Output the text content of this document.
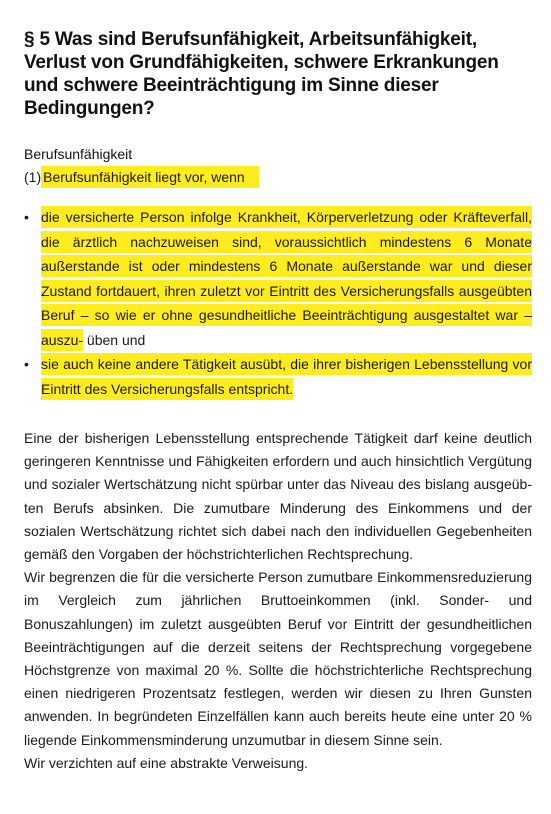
§ 5 Was sind Berufsunfähigkeit, Arbeitsunfähigkeit, Verlust von Grundfähigkeiten, schwere Erkrankungen und schwere Beeinträchtigung im Sinne dieser Bedingungen?
Berufsunfähigkeit

(1) Berufsunfähigkeit liegt vor, wenn

• die versicherte Person infolge Krankheit, Körperverletzung oder Kräfteverfall, die ärztlich nachzuweisen sind, voraussichtlich mindestens 6 Monate außerstande ist oder mindestens 6 Monate außerstande war und dieser Zustand fortdauert, ihren zuletzt vor Eintritt des Versicherungsfalls ausgeübten Beruf – so wie er ohne gesundheitliche Beeinträchtigung ausgestaltet war – auszu- üben und
• sie auch keine andere Tätigkeit ausübt, die ihrer bisherigen Lebensstellung vor Eintritt des Versicherungsfalls entspricht.

Eine der bisherigen Lebensstellung entsprechende Tätigkeit darf keine deutlich geringeren Kenntnisse und Fähigkeiten erfordern und auch hinsichtlich Vergütung und sozialer Wertschätzung nicht spürbar unter das Niveau des bislang ausgeübten Berufs absinken. Die zumutbare Minderung des Einkommens und der sozialen Wertschätzung richtet sich dabei nach den individuellen Gegebenheiten gemäß den Vorgaben der höchstrichterlichen Rechtsprechung.

Wir begrenzen die für die versicherte Person zumutbare Einkommensreduzierung im Vergleich zum jährlichen Bruttoeinkommen (inkl. Sonder- und Bonuszahlungen) im zuletzt ausgeübten Beruf vor Eintritt der gesundheitlichen Beeinträchtigungen auf die derzeit seitens der Rechtsprechung vorgegebene Höchstgrenze von maximal 20 %. Sollte die höchstrichterliche Rechtsprechung einen niedrigeren Prozentsatz festlegen, werden wir diesen zu Ihren Gunsten anwenden. In begründeten Einzelfällen kann auch bereits heute eine unter 20 % liegende Einkommensminderung unzumutbar in diesem Sinne sein.

Wir verzichten auf eine abstrakte Verweisung.
